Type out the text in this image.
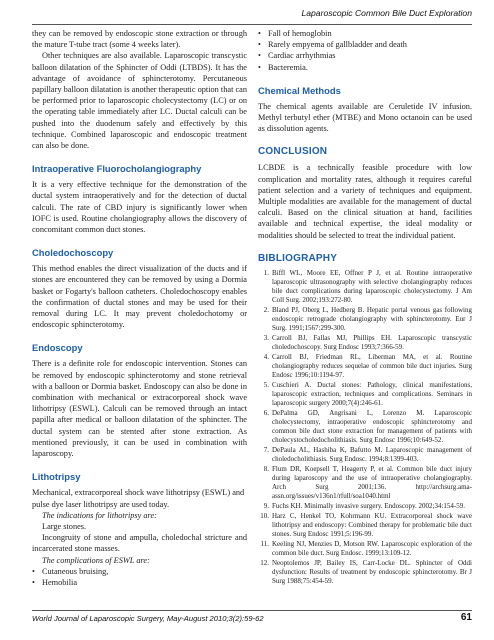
Laparoscopic Common Bile Duct Exploration

they can be removed by endoscopic stone extraction or through the mature T-tube tract (some 4 weeks later).

Other techniques are also available. Laparoscopic transcystic balloon dilatation of the Sphincter of Oddi (LTBDS). It has the advantage of avoidance of sphincterotomy. Percutaneous papillary balloon dilatation is another therapeutic option that can be performed prior to laparoscopic cholecystectomy (LC) or on the operating table immediately after LC. Ductal calculi can be pushed into the duodenum safely and effectively by this technique. Combined laparoscopic and endoscopic treatment can also be done.

Intraoperative Fluorocholangiography

It is a very effective technique for the demonstration of the ductal system intraoperatively and for the detection of ductal calculi. The rate of CBD injury is significantly lower when IOFC is used. Routine cholangiography allows the discovery of concomitant common duct stones.

Choledochoscopy

This method enables the direct visualization of the ducts and if stones are encountered they can be removed by using a Dormia basket or Fogarty's balloon catheters. Choledochoscopy enables the confirmation of ductal stones and may be used for their removal during LC. It may prevent choledochotomy or endoscopic sphincterotomy.

Endoscopy

There is a definite role for endoscopic intervention. Stones can be removed by endoscopic sphincterotomy and stone retrieval with a balloon or Dormia basket. Endoscopy can also be done in combination with mechanical or extracorporeal shock wave lithotripsy (ESWL). Calculi can be removed through an intact papilla after medical or balloon dilatation of the sphincter. The ductal system can be stented after stone extraction. As mentioned previously, it can be used in combination with laparoscopy.

Lithotripsy

Mechanical, extracorporeal shock wave lithotripsy (ESWL) and pulse dye laser lithotripsy are used today.

The indications for lithotripsy are:

Large stones.

Incongruity of stone and ampulla, choledochal stricture and incarcerated stone masses.

The complications of ESWL are:

• Cutaneous bruising,
• Hemobilia
• Fall of hemoglobin
• Rarely empyema of gallbladder and death
• Cardiac arrhythmias
• Bacteremia.
Chemical Methods

The chemical agents available are Ceruletide IV infusion. Methyl terbutyl ether (MTBE) and Mono octanoin can be used as dissolution agents.

CONCLUSION

LCBDE is a technically feasible procedure with low complication and mortality rates, although it requires careful patient selection and a variety of techniques and equipment. Multiple modalities are available for the management of ductal calculi. Based on the clinical situation at hand, facilities available and technical expertise, the ideal modality or modalities should be selected to treat the individual patient.

BIBLIOGRAPHY
1. Biffl WL, Moore EE, Offner P J, et al. Routine intraoperative laparoscopic ultrasonography with selective cholangiography reduces bile duct complications during laparoscopic cholecystectomy. J Am Coll Surg. 2002;193:272-80.
2. Bland PJ, Oberg L, Hedberg B. Hepatic portal venous gas following endoscopic retrograde cholangiography with sphincterotomy. Eur J Surg. 1991;1567:299-300.
3. Carroll BJ, Fallas MJ, Phillips EH. Laparoscopic transcystic choledochoscopy. Surg Endosc 1993;7:366-59.
4. Carroll BJ, Friedman RL, Liberman MA, et al. Routine cholangiography reduces sequelae of common bile duct injuries. Surg Endosc 1996;10:1194-97.
5. Cuschieri A. Ductal stones: Pathology, clinical manifestations, laparoscopic extraction, techniques and complications. Seminars in laparoscopic surgery 2000;7(4):246-61.
6. DePalma GD, Angrisani L, Lorenzo M. Laparoscopic cholecystectomy, intraoperative endoscopic sphincterotomy and common bile duct stone extraction for management of patients with cholecystocholedocholithiasis. Surg Endosc 1996;10:649-52.
7. DePaula AL, Hashiba K, Bafutto M. Laparoscopic management of choledocholithiasis. Surg Endosc. 1994;8:1399-403.
8. Flum DR, Koepsell T, Heagerty P, et al. Common bile duct injury during laparoscopy and the use of intraoperative cholangiography. Arch Surg 2001;136. http://archsurg.ama-assn.org/issues/v136n1/rfull/soa1040.html
9. Fuchs KH. Minimally invasive surgery. Endoscopy. 2002;34:154-59.
10. Harz C, Henkel TO, Kohrmann KU. Extracorporeal shock wave lithotripsy and endoscopy: Combined therapy for problematic bile duct stones. Surg Endosc 1991;5:196-99.
11. Keeling NJ, Menzies D, Motson RW. Laparoscopic exploration of the common bile duct. Surg Endosc. 1999;13:109-12.
12. Neoptolemos JP, Bailey IS, Carr-Locke DL. Sphincter of Oddi dysfunction: Results of treatment by endoscopic sphincterotomy. Br J Surg 1988;75:454-59.
World Journal of Laparoscopic Surgery, May-August 2010;3(2):59-62	61
